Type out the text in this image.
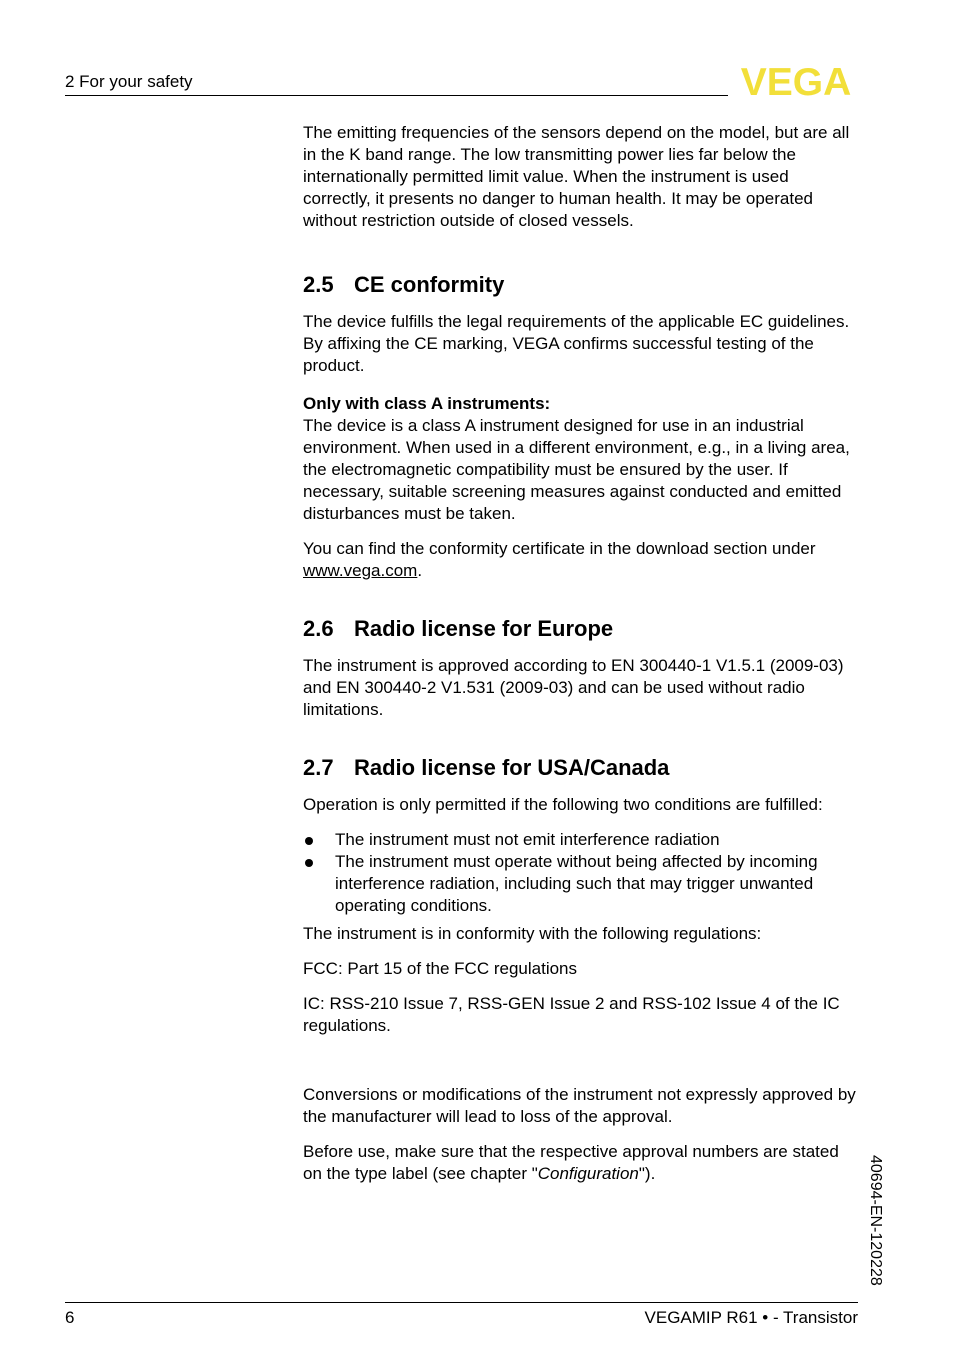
2 For your safety	VEGA

The emitting frequencies of the sensors depend on the model, but are all in the K band range. The low transmitting power lies far below the internationally permitted limit value. When the instrument is used correctly, it presents no danger to human health. It may be operated without restriction outside of closed vessels.

2.5 CE conformity

The device fulfills the legal requirements of the applicable EC guidelines. By affixing the CE marking, VEGA confirms successful testing of the product.

Only with class A instruments:

The device is a class A instrument designed for use in an industrial environment. When used in a different environment, e.g., in a living area, the electromagnetic compatibility must be ensured by the user. If necessary, suitable screening measures against conducted and emitted disturbances must be taken.

You can find the conformity certificate in the download section under www.vega.com.

2.6 Radio license for Europe

The instrument is approved according to EN 300440-1 V1.5.1 (2009-03) and EN 300440-2 V1.531 (2009-03) and can be used without radio limitations.

2.7 Radio license for USA/Canada

Operation is only permitted if the following two conditions are fulfilled:

The instrument must not emit interference radiation
The instrument must operate without being affected by incoming interference radiation, including such that may trigger unwanted operating conditions.

The instrument is in conformity with the following regulations:

FCC: Part 15 of the FCC regulations

IC: RSS-210 Issue 7, RSS-GEN Issue 2 and RSS-102 Issue 4 of the IC regulations.

Conversions or modifications of the instrument not expressly approved by the manufacturer will lead to loss of the approval.

Before use, make sure that the respective approval numbers are stated on the type label (see chapter "Configuration").	40694-EN-120228
6	VEGAMIP R61 • - Transistor
